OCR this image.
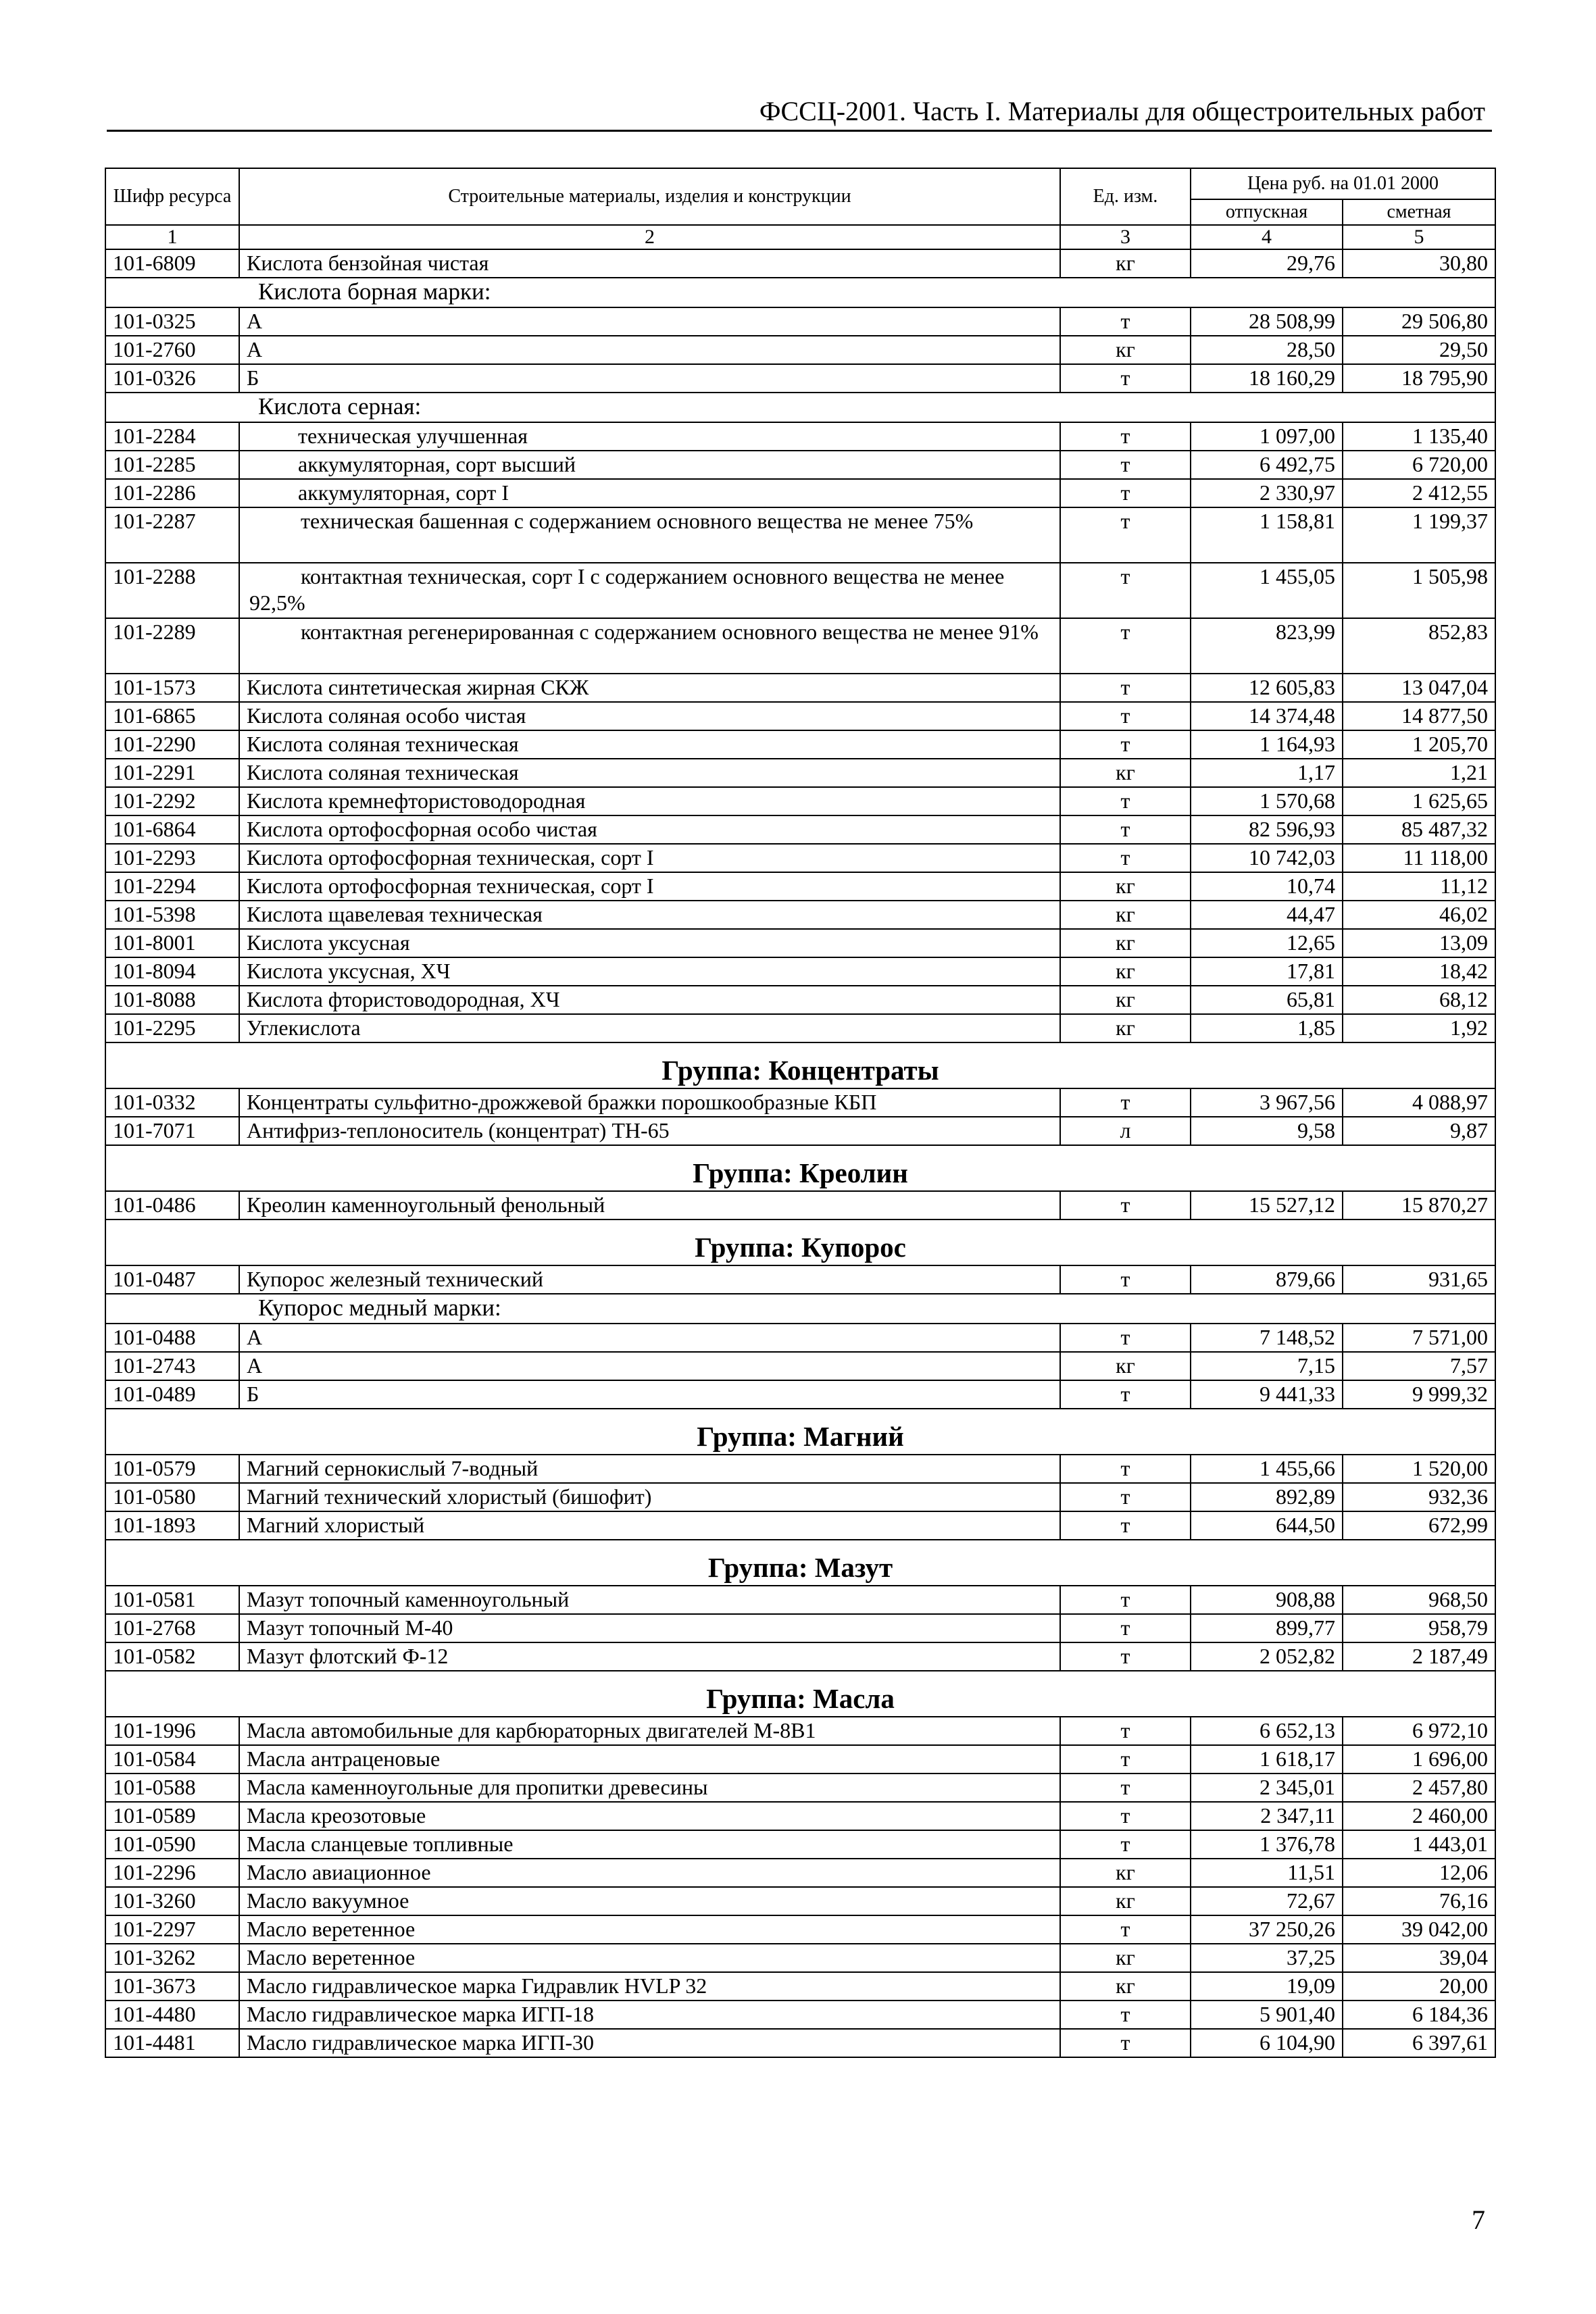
ФССЦ-2001. Часть I. Материалы для общестроительных работ
Шифр ресурса	Строительные материалы, изделия и конструкции	Ед. изм.	Цена руб. на 01.01 2000	
			отпускная	сметная
1	2	3	4	5
101-6809	Кислота бензойная чистая	кг	29,76	30,80
Кислота борная марки:				
101-0325	А	т	28 508,99	29 506,80
101-2760	А	кг	28,50	29,50
101-0326	Б	т	18 160,29	18 795,90
Кислота серная:				
101-2284	техническая улучшенная	т	1 097,00	1 135,40
101-2285	аккумуляторная, сорт высший	т	6 492,75	6 720,00
101-2286	аккумуляторная, сорт I	т	2 330,97	2 412,55
101-2287	техническая башенная с содержанием основного вещества не менее 75%	т	1 158,81	1 199,37
101-2288	контактная техническая, сорт I с содержанием основного вещества не менее 92,5%	т	1 455,05	1 505,98
101-2289	контактная регенерированная с содержанием основного вещества не менее 91%	т	823,99	852,83
101-1573	Кислота синтетическая жирная СКЖ	т	12 605,83	13 047,04
101-6865	Кислота соляная особо чистая	т	14 374,48	14 877,50
101-2290	Кислота соляная техническая	т	1 164,93	1 205,70
101-2291	Кислота соляная техническая	кг	1,17	1,21
101-2292	Кислота кремнефтористоводородная	т	1 570,68	1 625,65
101-6864	Кислота ортофосфорная особо чистая	т	82 596,93	85 487,32
101-2293	Кислота ортофосфорная техническая, сорт I	т	10 742,03	11 118,00
101-2294	Кислота ортофосфорная техническая, сорт I	кг	10,74	11,12
101-5398	Кислота щавелевая техническая	кг	44,47	46,02
101-8001	Кислота уксусная	кг	12,65	13,09
101-8094	Кислота уксусная, ХЧ	кг	17,81	18,42
101-8088	Кислота фтористоводородная, ХЧ	кг	65,81	68,12
101-2295	Углекислота	кг	1,85	1,92
Группа: Концентраты				
101-0332	Концентраты сульфитно-дрожжевой бражки порошкообразные КБП	т	3 967,56	4 088,97
101-7071	Антифриз-теплоноситель (концентрат) ТН-65	л	9,58	9,87
Группа: Креолин				
101-0486	Креолин каменноугольный фенольный	т	15 527,12	15 870,27
Группа: Купорос				
101-0487	Купорос железный технический	т	879,66	931,65
Купорос медный марки:				
101-0488	А	т	7 148,52	7 571,00
101-2743	А	кг	7,15	7,57
101-0489	Б	т	9 441,33	9 999,32
Группа: Магний				
101-0579	Магний сернокислый 7-водный	т	1 455,66	1 520,00
101-0580	Магний технический хлористый (бишофит)	т	892,89	932,36
101-1893	Магний хлористый	т	644,50	672,99
Группа: Мазут				
101-0581	Мазут топочный каменноугольный	т	908,88	968,50
101-2768	Мазут топочный М-40	т	899,77	958,79
101-0582	Мазут флотский Ф-12	т	2 052,82	2 187,49
Группа: Масла				
101-1996	Масла автомобильные для карбюраторных двигателей М-8В1	т	6 652,13	6 972,10
101-0584	Масла антраценовые	т	1 618,17	1 696,00
101-0588	Масла каменноугольные для пропитки древесины	т	2 345,01	2 457,80
101-0589	Масла креозотовые	т	2 347,11	2 460,00
101-0590	Масла сланцевые топливные	т	1 376,78	1 443,01
101-2296	Масло авиационное	кг	11,51	12,06
101-3260	Масло вакуумное	кг	72,67	76,16
101-2297	Масло веретенное	т	37 250,26	39 042,00
101-3262	Масло веретенное	кг	37,25	39,04
101-3673	Масло гидравлическое марка Гидравлик HVLP 32	кг	19,09	20,00
101-4480	Масло гидравлическое марка ИГП-18	т	5 901,40	6 184,36
101-4481	Масло гидравлическое марка ИГП-30	т	6 104,90	6 397,61
7
